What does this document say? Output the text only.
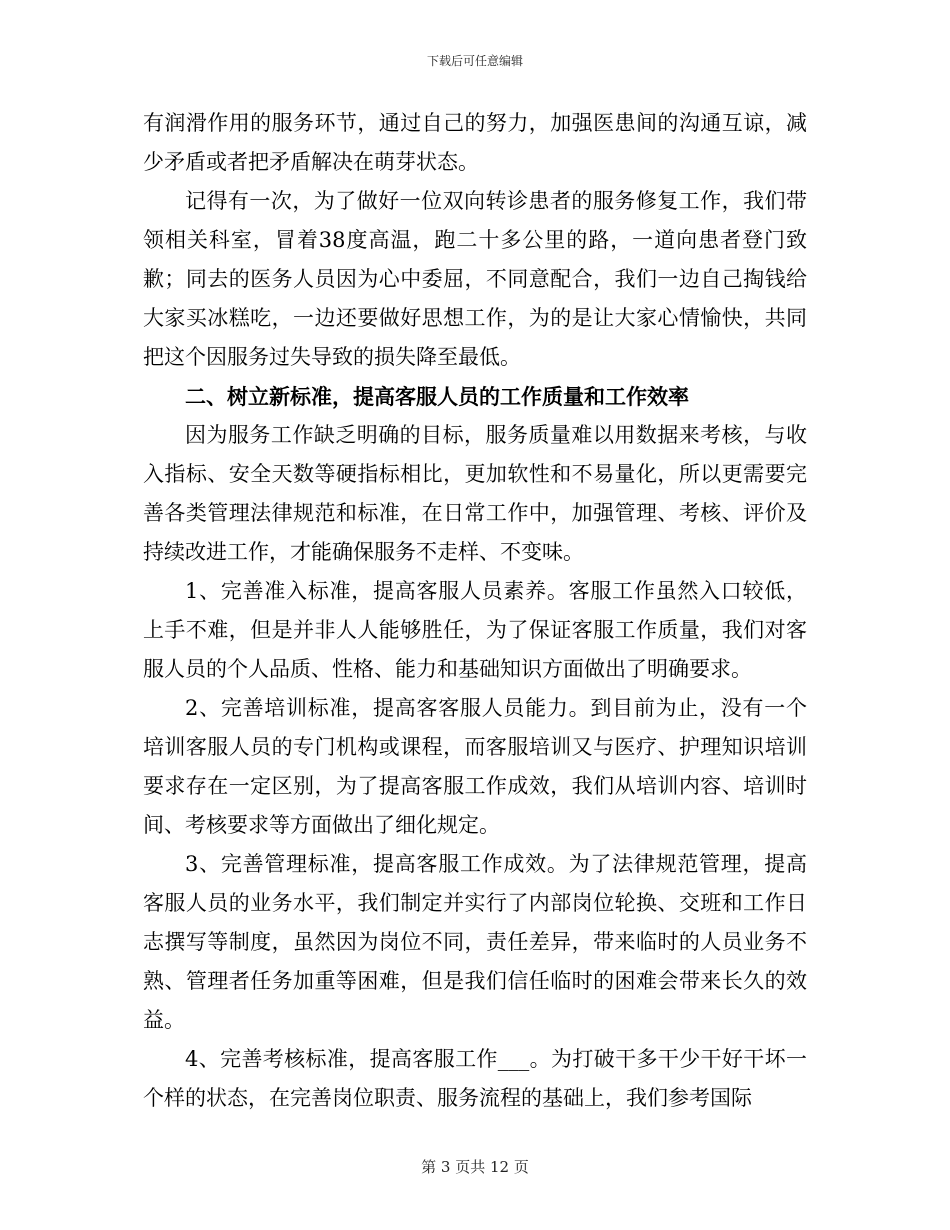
下载后可任意编辑

有润滑作用的服务环节，通过自己的努力，加强医患间的沟通互谅，减少矛盾或者把矛盾解决在萌芽状态。

记得有一次，为了做好一位双向转诊患者的服务修复工作，我们带领相关科室，冒着38度高温，跑二十多公里的路，一道向患者登门致歉；同去的医务人员因为心中委屈，不同意配合，我们一边自己掏钱给大家买冰糕吃，一边还要做好思想工作，为的是让大家心情愉快，共同把这个因服务过失导致的损失降至最低。

二、树立新标准，提高客服人员的工作质量和工作效率

因为服务工作缺乏明确的目标，服务质量难以用数据来考核，与收入指标、安全天数等硬指标相比，更加软性和不易量化，所以更需要完善各类管理法律规范和标准，在日常工作中，加强管理、考核、评价及持续改进工作，才能确保服务不走样、不变味。

1、完善准入标准，提高客服人员素养。客服工作虽然入口较低，上手不难，但是并非人人能够胜任，为了保证客服工作质量，我们对客服人员的个人品质、性格、能力和基础知识方面做出了明确要求。

2、完善培训标准，提高客客服人员能力。到目前为止，没有一个培训客服人员的专门机构或课程，而客服培训又与医疗、护理知识培训要求存在一定区别，为了提高客服工作成效，我们从培训内容、培训时间、考核要求等方面做出了细化规定。

3、完善管理标准，提高客服工作成效。为了法律规范管理，提高客服人员的业务水平，我们制定并实行了内部岗位轮换、交班和工作日志撰写等制度，虽然因为岗位不同，责任差异，带来临时的人员业务不熟、管理者任务加重等困难，但是我们信任临时的困难会带来长久的效益。

4、完善考核标准，提高客服工作___。为打破干多干少干好干坏一个样的状态，在完善岗位职责、服务流程的基础上，我们参考国际

第 3 页共 12 页
